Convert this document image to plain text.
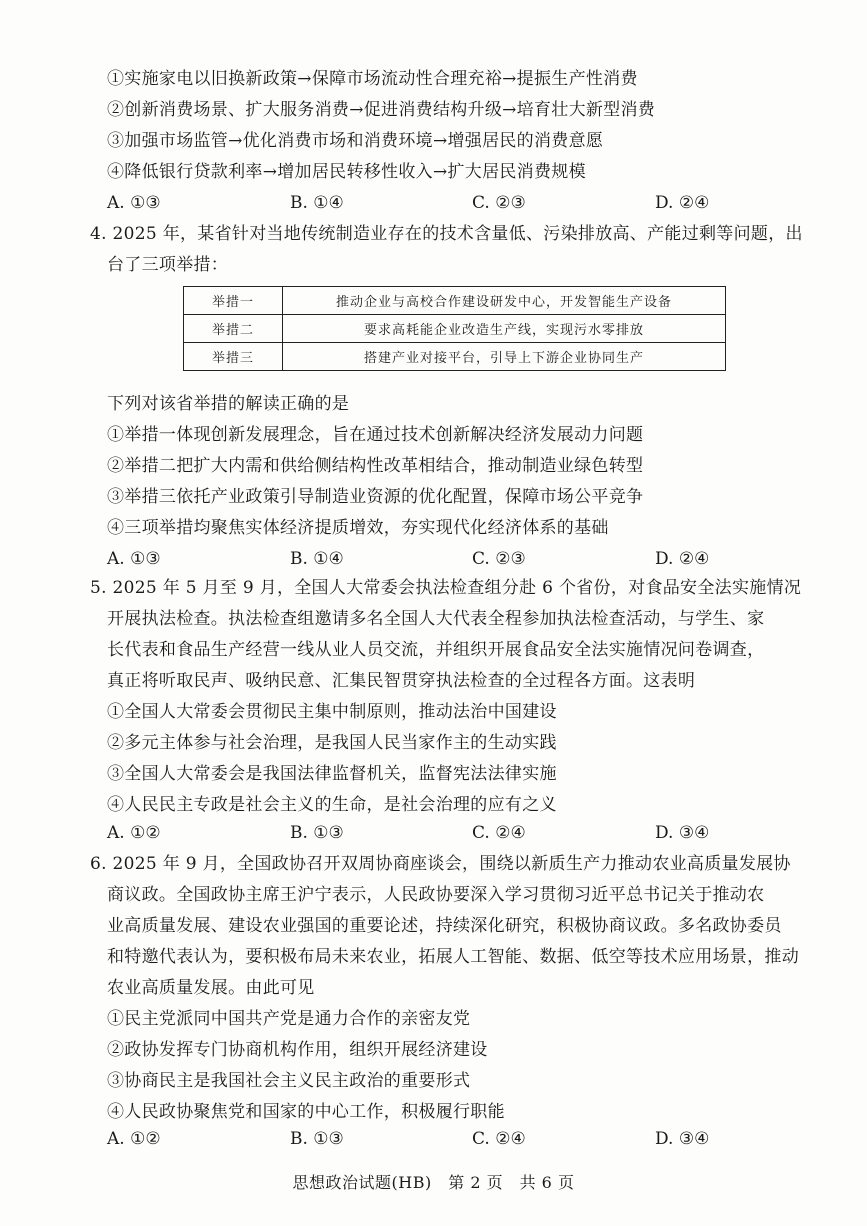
①实施家电以旧换新政策→保障市场流动性合理充裕→提振生产性消费
②创新消费场景、扩大服务消费→促进消费结构升级→培育壮大新型消费
③加强市场监管→优化消费市场和消费环境→增强居民的消费意愿
④降低银行贷款利率→增加居民转移性收入→扩大居民消费规模
A. ①③	B. ①④	C. ②③	D. ②④
4. 2025 年，某省针对当地传统制造业存在的技术含量低、污染排放高、产能过剩等问题，出
台了三项举措：
举措一	推动企业与高校合作建设研发中心，开发智能生产设备
举措二	要求高耗能企业改造生产线，实现污水零排放
举措三	搭建产业对接平台，引导上下游企业协同生产
下列对该省举措的解读正确的是
①举措一体现创新发展理念，旨在通过技术创新解决经济发展动力问题
②举措二把扩大内需和供给侧结构性改革相结合，推动制造业绿色转型
③举措三依托产业政策引导制造业资源的优化配置，保障市场公平竞争
④三项举措均聚焦实体经济提质增效，夯实现代化经济体系的基础
A. ①③	B. ①④	C. ②③	D. ②④
5. 2025 年 5 月至 9 月，全国人大常委会执法检查组分赴 6 个省份，对食品安全法实施情况
开展执法检查。执法检查组邀请多名全国人大代表全程参加执法检查活动，与学生、家
长代表和食品生产经营一线从业人员交流，并组织开展食品安全法实施情况问卷调查，
真正将听取民声、吸纳民意、汇集民智贯穿执法检查的全过程各方面。这表明
①全国人大常委会贯彻民主集中制原则，推动法治中国建设
②多元主体参与社会治理，是我国人民当家作主的生动实践
③全国人大常委会是我国法律监督机关，监督宪法法律实施
④人民民主专政是社会主义的生命，是社会治理的应有之义
A. ①②	B. ①③	C. ②④	D. ③④
6. 2025 年 9 月，全国政协召开双周协商座谈会，围绕以新质生产力推动农业高质量发展协
商议政。全国政协主席王沪宁表示，人民政协要深入学习贯彻习近平总书记关于推动农
业高质量发展、建设农业强国的重要论述，持续深化研究，积极协商议政。多名政协委员
和特邀代表认为，要积极布局未来农业，拓展人工智能、数据、低空等技术应用场景，推动
农业高质量发展。由此可见
①民主党派同中国共产党是通力合作的亲密友党
②政协发挥专门协商机构作用，组织开展经济建设
③协商民主是我国社会主义民主政治的重要形式
④人民政协聚焦党和国家的中心工作，积极履行职能
A. ①②	B. ①③	C. ②④	D. ③④
思想政治试题(HB)　第 2 页　共 6 页
